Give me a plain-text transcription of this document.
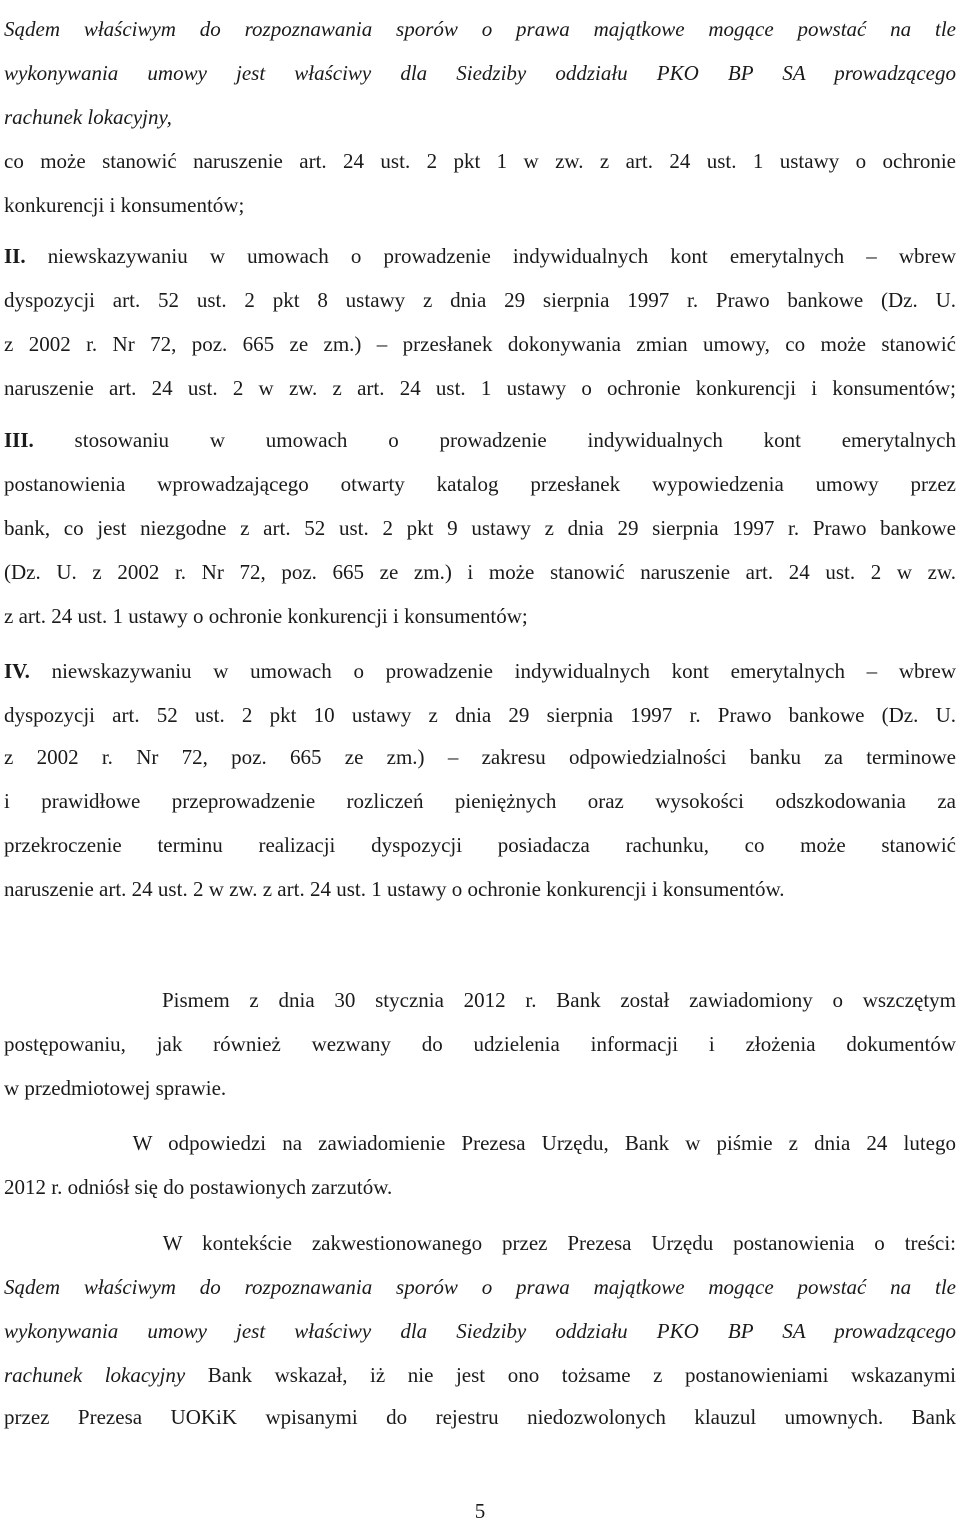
Sądem właściwym do rozpoznawania sporów o prawa majątkowe mogące powstać na tle

wykonywania umowy jest właściwy dla Siedziby oddziału PKO BP SA prowadzącego

rachunek lokacyjny,

co może stanowić naruszenie art. 24 ust. 2 pkt 1 w zw. z art. 24 ust. 1 ustawy o ochronie

konkurencji i konsumentów;

II. niewskazywaniu w umowach o prowadzenie indywidualnych kont emerytalnych – wbrew

dyspozycji art. 52 ust. 2 pkt 8 ustawy z dnia 29 sierpnia 1997 r. Prawo bankowe (Dz. U.

z 2002 r. Nr 72, poz. 665 ze zm.) – przesłanek dokonywania zmian umowy, co może stanowić

naruszenie art. 24 ust. 2 w zw. z art. 24 ust. 1 ustawy o ochronie konkurencji i konsumentów;

III. stosowaniu w umowach o prowadzenie indywidualnych kont emerytalnych

postanowienia wprowadzającego otwarty katalog przesłanek wypowiedzenia umowy przez

bank, co jest niezgodne z art. 52 ust. 2 pkt 9 ustawy z dnia 29 sierpnia 1997 r. Prawo bankowe

(Dz. U. z 2002 r. Nr 72, poz. 665 ze zm.) i może stanowić naruszenie art. 24 ust. 2 w zw.

z art. 24 ust. 1 ustawy o ochronie konkurencji i konsumentów;

IV. niewskazywaniu w umowach o prowadzenie indywidualnych kont emerytalnych – wbrew

dyspozycji art. 52 ust. 2 pkt 10 ustawy z dnia 29 sierpnia 1997 r. Prawo bankowe (Dz. U.

z 2002 r. Nr 72, poz. 665 ze zm.) – zakresu odpowiedzialności banku za terminowe

i prawidłowe przeprowadzenie rozliczeń pieniężnych oraz wysokości odszkodowania za

przekroczenie terminu realizacji dyspozycji posiadacza rachunku, co może stanowić

naruszenie art. 24 ust. 2 w zw. z art. 24 ust. 1 ustawy o ochronie konkurencji i konsumentów.

Pismem z dnia 30 stycznia 2012 r. Bank został zawiadomiony o wszczętym

postępowaniu, jak również wezwany do udzielenia informacji i złożenia dokumentów

w przedmiotowej sprawie.

W odpowiedzi na zawiadomienie Prezesa Urzędu, Bank w piśmie z dnia 24 lutego

2012 r. odniósł się do postawionych zarzutów.

W kontekście zakwestionowanego przez Prezesa Urzędu postanowienia o treści:

Sądem właściwym do rozpoznawania sporów o prawa majątkowe mogące powstać na tle

wykonywania umowy jest właściwy dla Siedziby oddziału PKO BP SA prowadzącego

rachunek lokacyjny Bank wskazał, iż nie jest ono tożsame z postanowieniami wskazanymi

przez Prezesa UOKiK wpisanymi do rejestru niedozwolonych klauzul umownych. Bank

5
